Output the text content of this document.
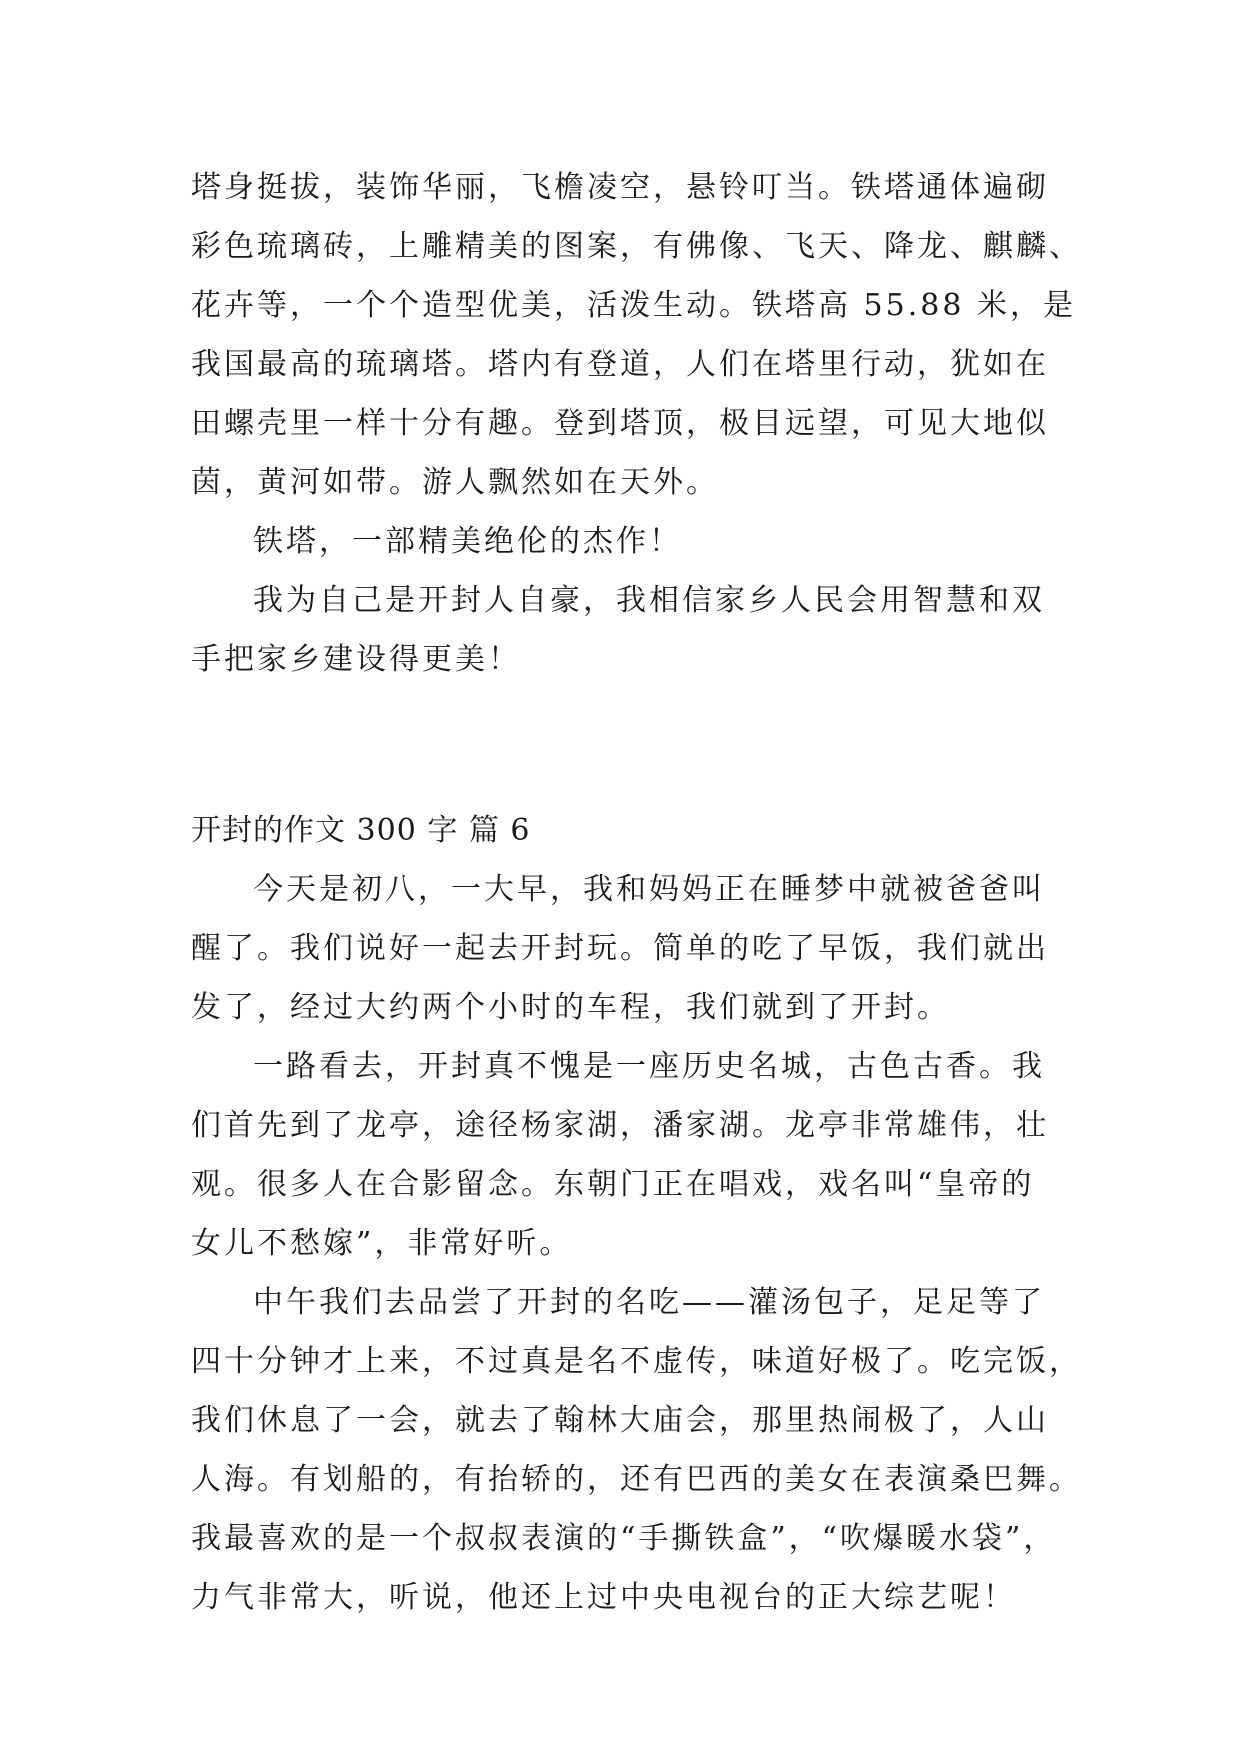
塔身挺拔，装饰华丽，飞檐凌空，悬铃叮当。铁塔通体遍砌
彩色琉璃砖，上雕精美的图案，有佛像、飞天、降龙、麒麟、
花卉等，一个个造型优美，活泼生动。铁塔高 55.88 米，是
我国最高的琉璃塔。塔内有登道，人们在塔里行动，犹如在
田螺壳里一样十分有趣。登到塔顶，极目远望，可见大地似
茵，黄河如带。游人飘然如在天外。
铁塔，一部精美绝伦的杰作！
我为自己是开封人自豪，我相信家乡人民会用智慧和双
手把家乡建设得更美！
开封的作文 300 字 篇 6
今天是初八，一大早，我和妈妈正在睡梦中就被爸爸叫
醒了。我们说好一起去开封玩。简单的吃了早饭，我们就出
发了，经过大约两个小时的车程，我们就到了开封。
一路看去，开封真不愧是一座历史名城，古色古香。我
们首先到了龙亭，途径杨家湖，潘家湖。龙亭非常雄伟，壮
观。很多人在合影留念。东朝门正在唱戏，戏名叫“皇帝的
女儿不愁嫁”，非常好听。
中午我们去品尝了开封的名吃——灌汤包子，足足等了
四十分钟才上来，不过真是名不虚传，味道好极了。吃完饭，
我们休息了一会，就去了翰林大庙会，那里热闹极了，人山
人海。有划船的，有抬轿的，还有巴西的美女在表演桑巴舞。
我最喜欢的是一个叔叔表演的“手撕铁盒”，“吹爆暖水袋”，
力气非常大，听说，他还上过中央电视台的正大综艺呢！
